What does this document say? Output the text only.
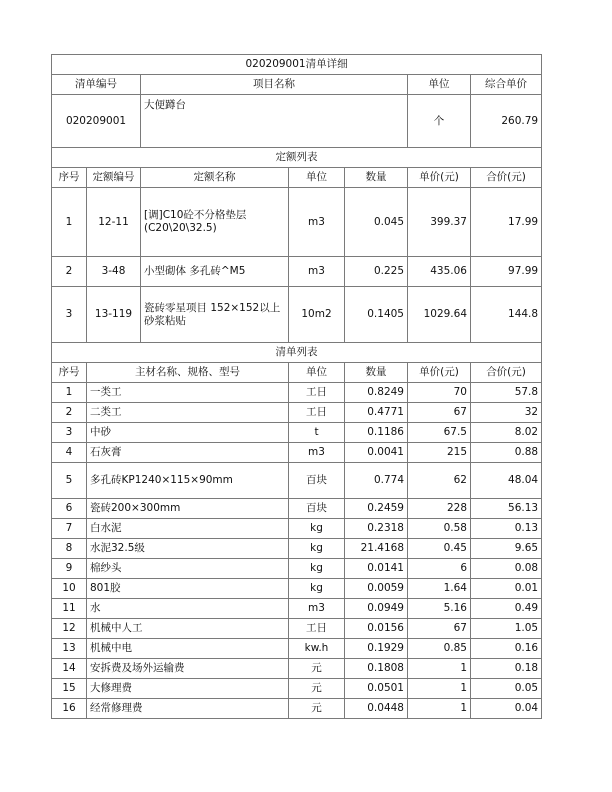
020209001清单详细						
清单编号		项目名称			单位	综合单价
020209001		大便蹲台			个	260.79
定额列表						
序号	定额编号	定额名称	单位	数量	单价(元)	合价(元)
1	12-11	[调]C10砼不分格垫层(C20\20\32.5)	m3	0.045	399.37	17.99
2	3-48	小型砌体 多孔砖^M5	m3	0.225	435.06	97.99
3	13-119	瓷砖零星项目 152×152以上 砂浆粘贴	10m2	0.1405	1029.64	144.8
清单列表						
序号	主材名称、规格、型号		单位	数量	单价(元)	合价(元)
1	一类工		工日	0.8249	70	57.8
2	二类工		工日	0.4771	67	32
3	中砂		t	0.1186	67.5	8.02
4	石灰膏		m3	0.0041	215	0.88
5	多孔砖KP1240×115×90mm		百块	0.774	62	48.04
6	瓷砖200×300mm		百块	0.2459	228	56.13
7	白水泥		kg	0.2318	0.58	0.13
8	水泥32.5级		kg	21.4168	0.45	9.65
9	棉纱头		kg	0.0141	6	0.08
10	801胶		kg	0.0059	1.64	0.01
11	水		m3	0.0949	5.16	0.49
12	机械中人工		工日	0.0156	67	1.05
13	机械中电		kw.h	0.1929	0.85	0.16
14	安拆费及场外运输费		元	0.1808	1	0.18
15	大修理费		元	0.0501	1	0.05
16	经常修理费		元	0.0448	1	0.04
